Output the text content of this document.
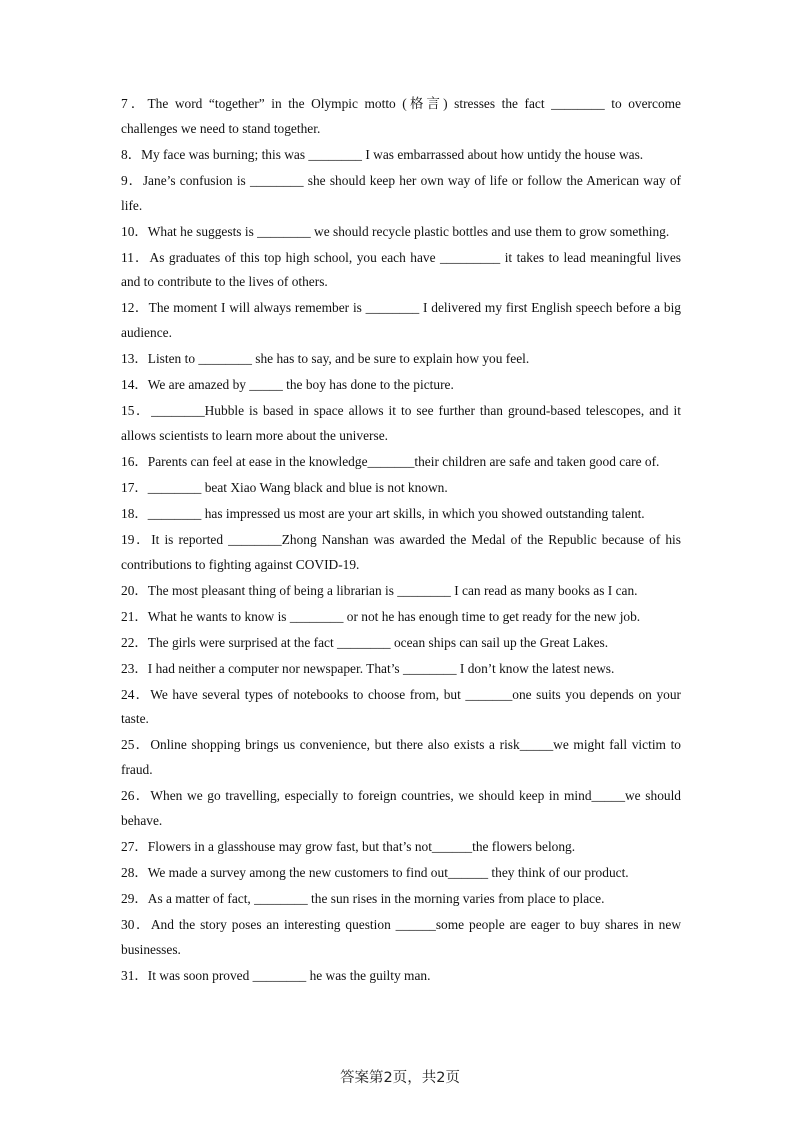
7．The word “together” in the Olympic motto (格言) stresses the fact ________ to overcome challenges we need to stand together.

8．My face was burning; this was ________ I was embarrassed about how untidy the house was.

9．Jane’s confusion is ________ she should keep her own way of life or follow the American way of life.

10．What he suggests is ________ we should recycle plastic bottles and use them to grow something.

11．As graduates of this top high school, you each have _________ it takes to lead meaningful lives and to contribute to the lives of others.

12．The moment I will always remember is ________ I delivered my first English speech before a big audience.

13．Listen to ________ she has to say, and be sure to explain how you feel.

14．We are amazed by _____ the boy has done to the picture.

15．________Hubble is based in space allows it to see further than ground-based telescopes, and it allows scientists to learn more about the universe.

16．Parents can feel at ease in the knowledge_______their children are safe and taken good care of.

17．________ beat Xiao Wang black and blue is not known.

18．________ has impressed us most are your art skills, in which you showed outstanding talent.

19．It is reported ________Zhong Nanshan was awarded the Medal of the Republic because of his contributions to fighting against COVID-19.

20．The most pleasant thing of being a librarian is ________ I can read as many books as I can.

21．What he wants to know is ________ or not he has enough time to get ready for the new job.

22．The girls were surprised at the fact ________ ocean ships can sail up the Great Lakes.

23．I had neither a computer nor newspaper. That’s ________ I don’t know the latest news.

24．We have several types of notebooks to choose from, but _______one suits you depends on your taste.

25．Online shopping brings us convenience, but there also exists a risk_____we might fall victim to fraud.

26．When we go travelling, especially to foreign countries, we should keep in mind_____we should behave.

27．Flowers in a glasshouse may grow fast, but that’s not______the flowers belong.

28．We made a survey among the new customers to find out______ they think of our product.

29．As a matter of fact, ________ the sun rises in the morning varies from place to place.

30．And the story poses an interesting question ______some people are eager to buy shares in new businesses.

31．It was soon proved ________ he was the guilty man.

答案第2页，共2页
